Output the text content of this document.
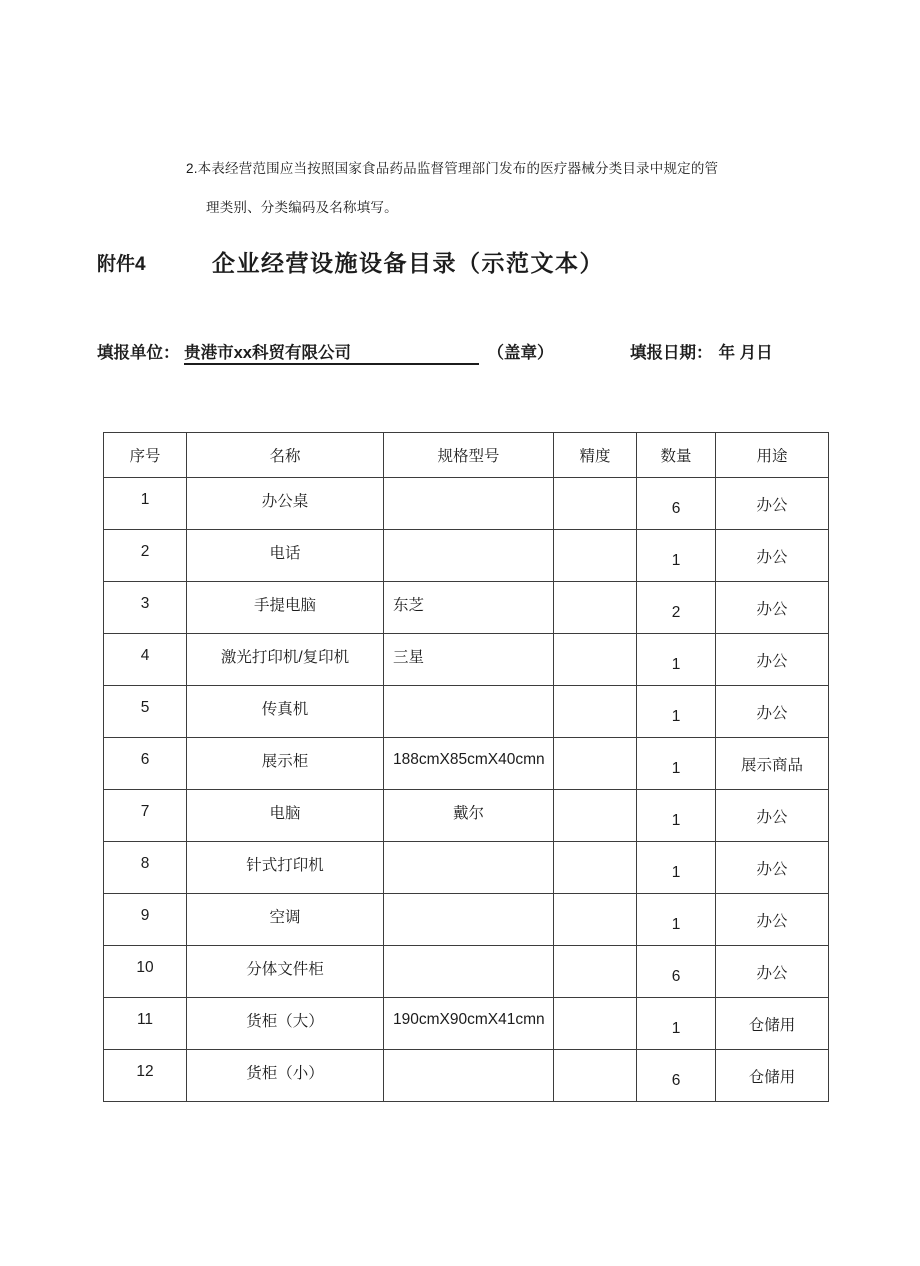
2.本表经营范围应当按照国家食品药品监督管理部门发布的医疗器械分类目录中规定的管
理类别、分类编码及名称填写。
附件4	企业经营设施设备目录（示范文本）
填报单位： 贵港市xx科贸有限公司	（盖章）	填报日期： 年 月日
序号	名称	规格型号	精度	数量	用途
1	办公桌			6	办公
2	电话			1	办公
3	手提电脑	东芝		2	办公
4	激光打印机/复印机	三星		1	办公
5	传真机			1	办公
6	展示柜	188cmX85cmX40cmn		1	展示商品
7	电脑	戴尔		1	办公
8	针式打印机			1	办公
9	空调			1	办公
10	分体文件柜			6	办公
11	货柜（大）	190cmX90cmX41cmn		1	仓储用
12	货柜（小）			6	仓储用
